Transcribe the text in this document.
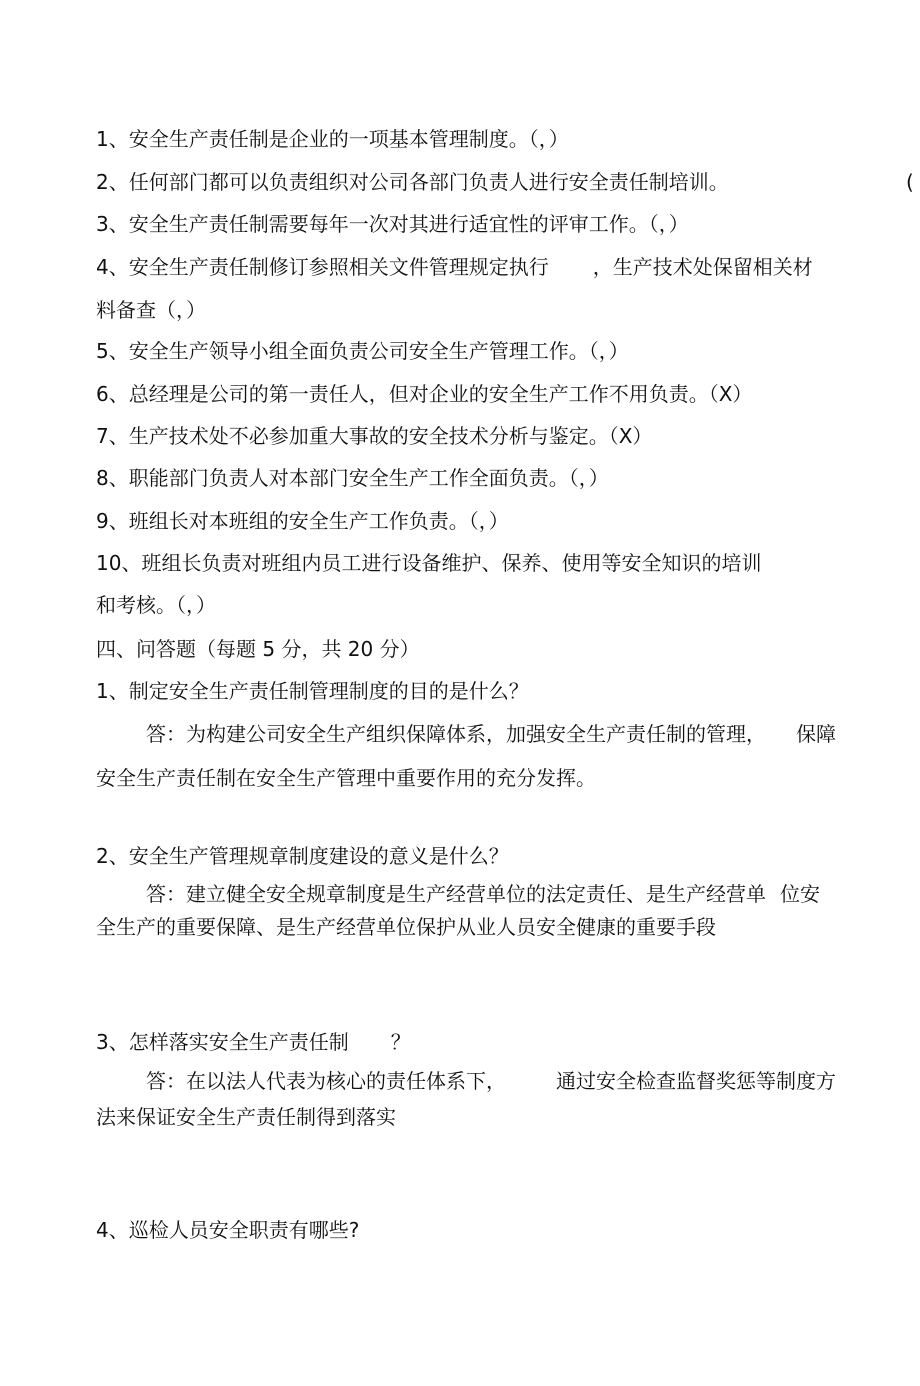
1、安全生产责任制是企业的一项基本管理制度。（，）
2、任何部门都可以负责组织对公司各部门负责人进行安全责任制培训。	(
3、安全生产责任制需要每年一次对其进行适宜性的评审工作。（，）
4、安全生产责任制修订参照相关文件管理规定执行 ，生产技术处保留相关材
料备查（，）
5、安全生产领导小组全面负责公司安全生产管理工作。（，）
6、总经理是公司的第一责任人，但对企业的安全生产工作不用负责。（X）
7、生产技术处不必参加重大事故的安全技术分析与鉴定。（X）
8、职能部门负责人对本部门安全生产工作全面负责。（，）
9、班组长对本班组的安全生产工作负责。（，）
10、班组长负责对班组内员工进行设备维护、保养、使用等安全知识的培训
和考核。（，）
四、问答题（每题 5 分，共 20 分）
1、制定安全生产责任制管理制度的目的是什么？
答：为构建公司安全生产组织保障体系，加强安全生产责任制的管理， 保障
安全生产责任制在安全生产管理中重要作用的充分发挥。
2、安全生产管理规章制度建设的意义是什么？
答：建立健全安全规章制度是生产经营单位的法定责任、是生产经营单 位安
全生产的重要保障、是生产经营单位保护从业人员安全健康的重要手段
3、怎样落实安全生产责任制 ？
答：在以法人代表为核心的责任体系下，	通过安全检查监督奖惩等制度方
法来保证安全生产责任制得到落实
4、巡检人员安全职责有哪些?
